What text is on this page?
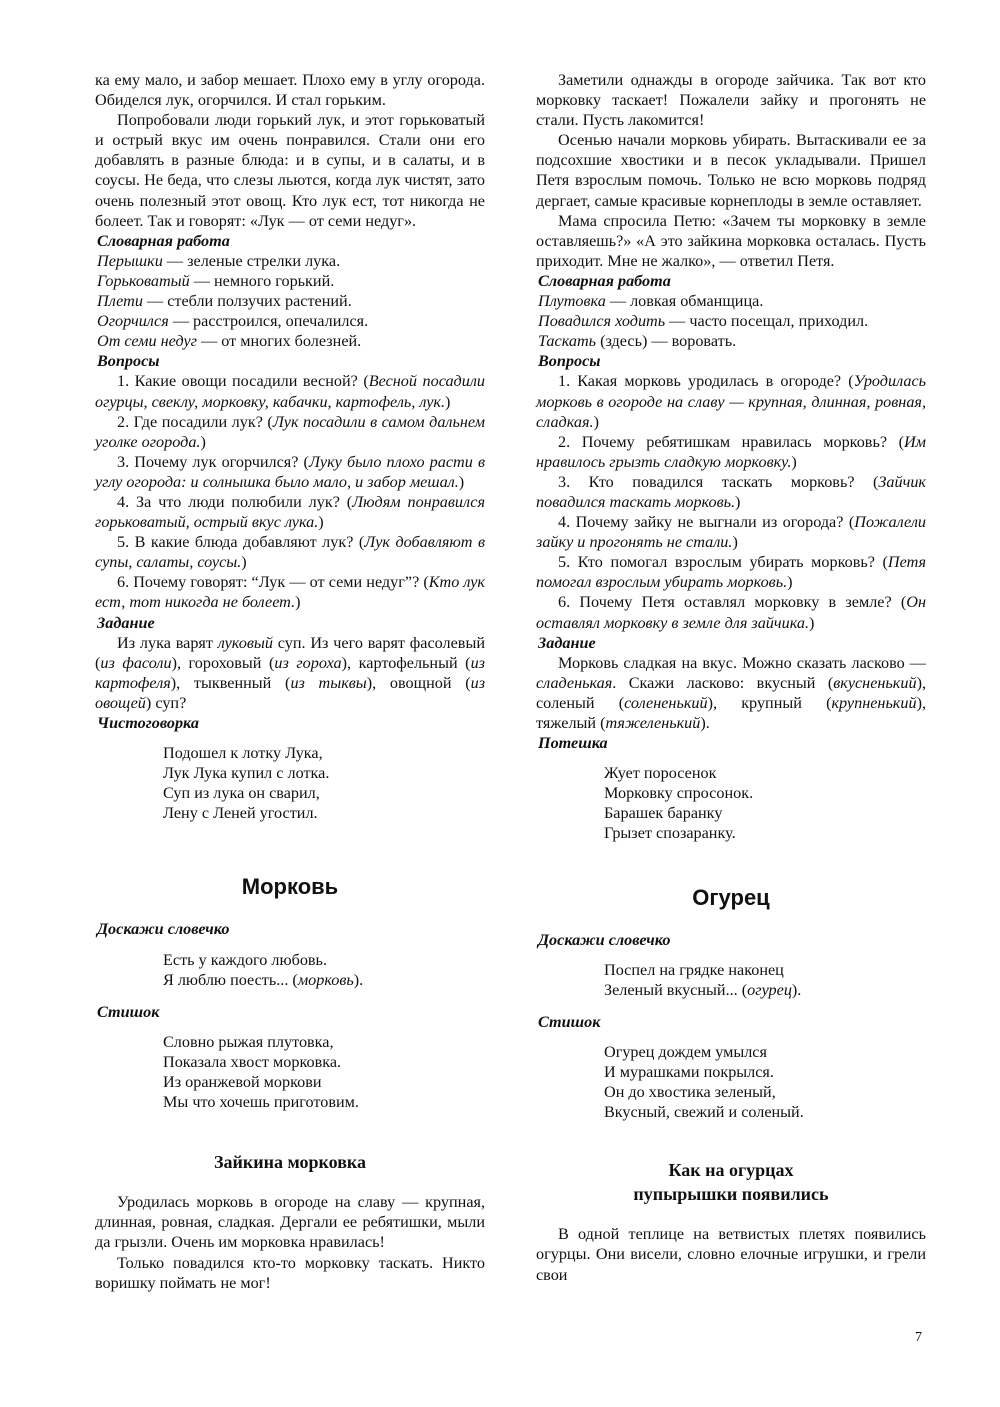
ка ему мало, и забор мешает. Плохо ему в углу огорода. Обиделся лук, огорчился. И стал горьким.

Попробовали люди горький лук, и этот горьковатый и острый вкус им очень понравился. Стали они его добавлять в разные блюда: и в супы, и в салаты, и в соусы. Не беда, что слезы льются, когда лук чистят, зато очень полезный этот овощ. Кто лук ест, тот никогда не болеет. Так и говорят: «Лук — от семи недуг».

Словарная работа

Перышки — зеленые стрелки лука.

Горьковатый — немного горький.

Плети — стебли ползучих растений.

Огорчился — расстроился, опечалился.

От семи недуг — от многих болезней.

Вопросы

1. Какие овощи посадили весной? (Весной посадили огурцы, свеклу, морковку, кабачки, картофель, лук.)

2. Где посадили лук? (Лук посадили в самом дальнем уголке огорода.)

3. Почему лук огорчился? (Луку было плохо расти в углу огорода: и солнышка было мало, и забор мешал.)

4. За что люди полюбили лук? (Людям понравился горьковатый, острый вкус лука.)

5. В какие блюда добавляют лук? (Лук добавляют в супы, салаты, соусы.)

6. Почему говорят: “Лук — от семи недуг”? (Кто лук ест, тот никогда не болеет.)

Задание

Из лука варят луковый суп. Из чего варят фасолевый (из фасоли), гороховый (из гороха), картофельный (из картофеля), тыквенный (из тыквы), овощной (из овощей) суп?

Чистоговорка

Подошел к лотку Лука,
Лук Лука купил с лотка.
Суп из лука он сварил,
Лену с Леней угостил.

Морковь

Доскажи словечко

Есть у каждого любовь.
Я люблю поесть... (морковь).

Стишок

Словно рыжая плутовка,
Показала хвост морковка.
Из оранжевой моркови
Мы что хочешь приготовим.

Зайкина морковка

Уродилась морковь в огороде на славу — крупная, длинная, ровная, сладкая. Дергали ее ребятишки, мыли да грызли. Очень им морковка нравилась!

Только повадился кто-то морковку таскать. Никто воришку поймать не мог!

Заметили однажды в огороде зайчика. Так вот кто морковку таскает! Пожалели зайку и прогонять не стали. Пусть лакомится!

Осенью начали морковь убирать. Вытаскивали ее за подсохшие хвостики и в песок укладывали. Пришел Петя взрослым помочь. Только не всю морковь подряд дергает, самые красивые корнеплоды в земле оставляет.

Мама спросила Петю: «Зачем ты морковку в земле оставляешь?» «А это зайкина морковка осталась. Пусть приходит. Мне не жалко», — ответил Петя.

Словарная работа

Плутовка — ловкая обманщица.

Повадился ходить — часто посещал, приходил.

Таскать (здесь) — воровать.

Вопросы

1. Какая морковь уродилась в огороде? (Уродилась морковь в огороде на славу — крупная, длинная, ровная, сладкая.)

2. Почему ребятишкам нравилась морковь? (Им нравилось грызть сладкую морковку.)

3. Кто повадился таскать морковь? (Зайчик повадился таскать морковь.)

4. Почему зайку не выгнали из огорода? (Пожалели зайку и прогонять не стали.)

5. Кто помогал взрослым убирать морковь? (Петя помогал взрослым убирать морковь.)

6. Почему Петя оставлял морковку в земле? (Он оставлял морковку в земле для зайчика.)

Задание

Морковь сладкая на вкус. Можно сказать ласково — сладенькая. Скажи ласково: вкусный (вкусненький), соленый (солененький), крупный (крупненький), тяжелый (тяжеленький).

Потешка

Жует поросенок
Морковку спросонок.
Барашек баранку
Грызет спозаранку.

Огурец

Доскажи словечко

Поспел на грядке наконец
Зеленый вкусный... (огурец).

Стишок

Огурец дождем умылся
И мурашками покрылся.
Он до хвостика зеленый,
Вкусный, свежий и соленый.

Как на огурцах

пупырышки появились

В одной теплице на ветвистых плетях появились огурцы. Они висели, словно елочные игрушки, и грели свои

7
